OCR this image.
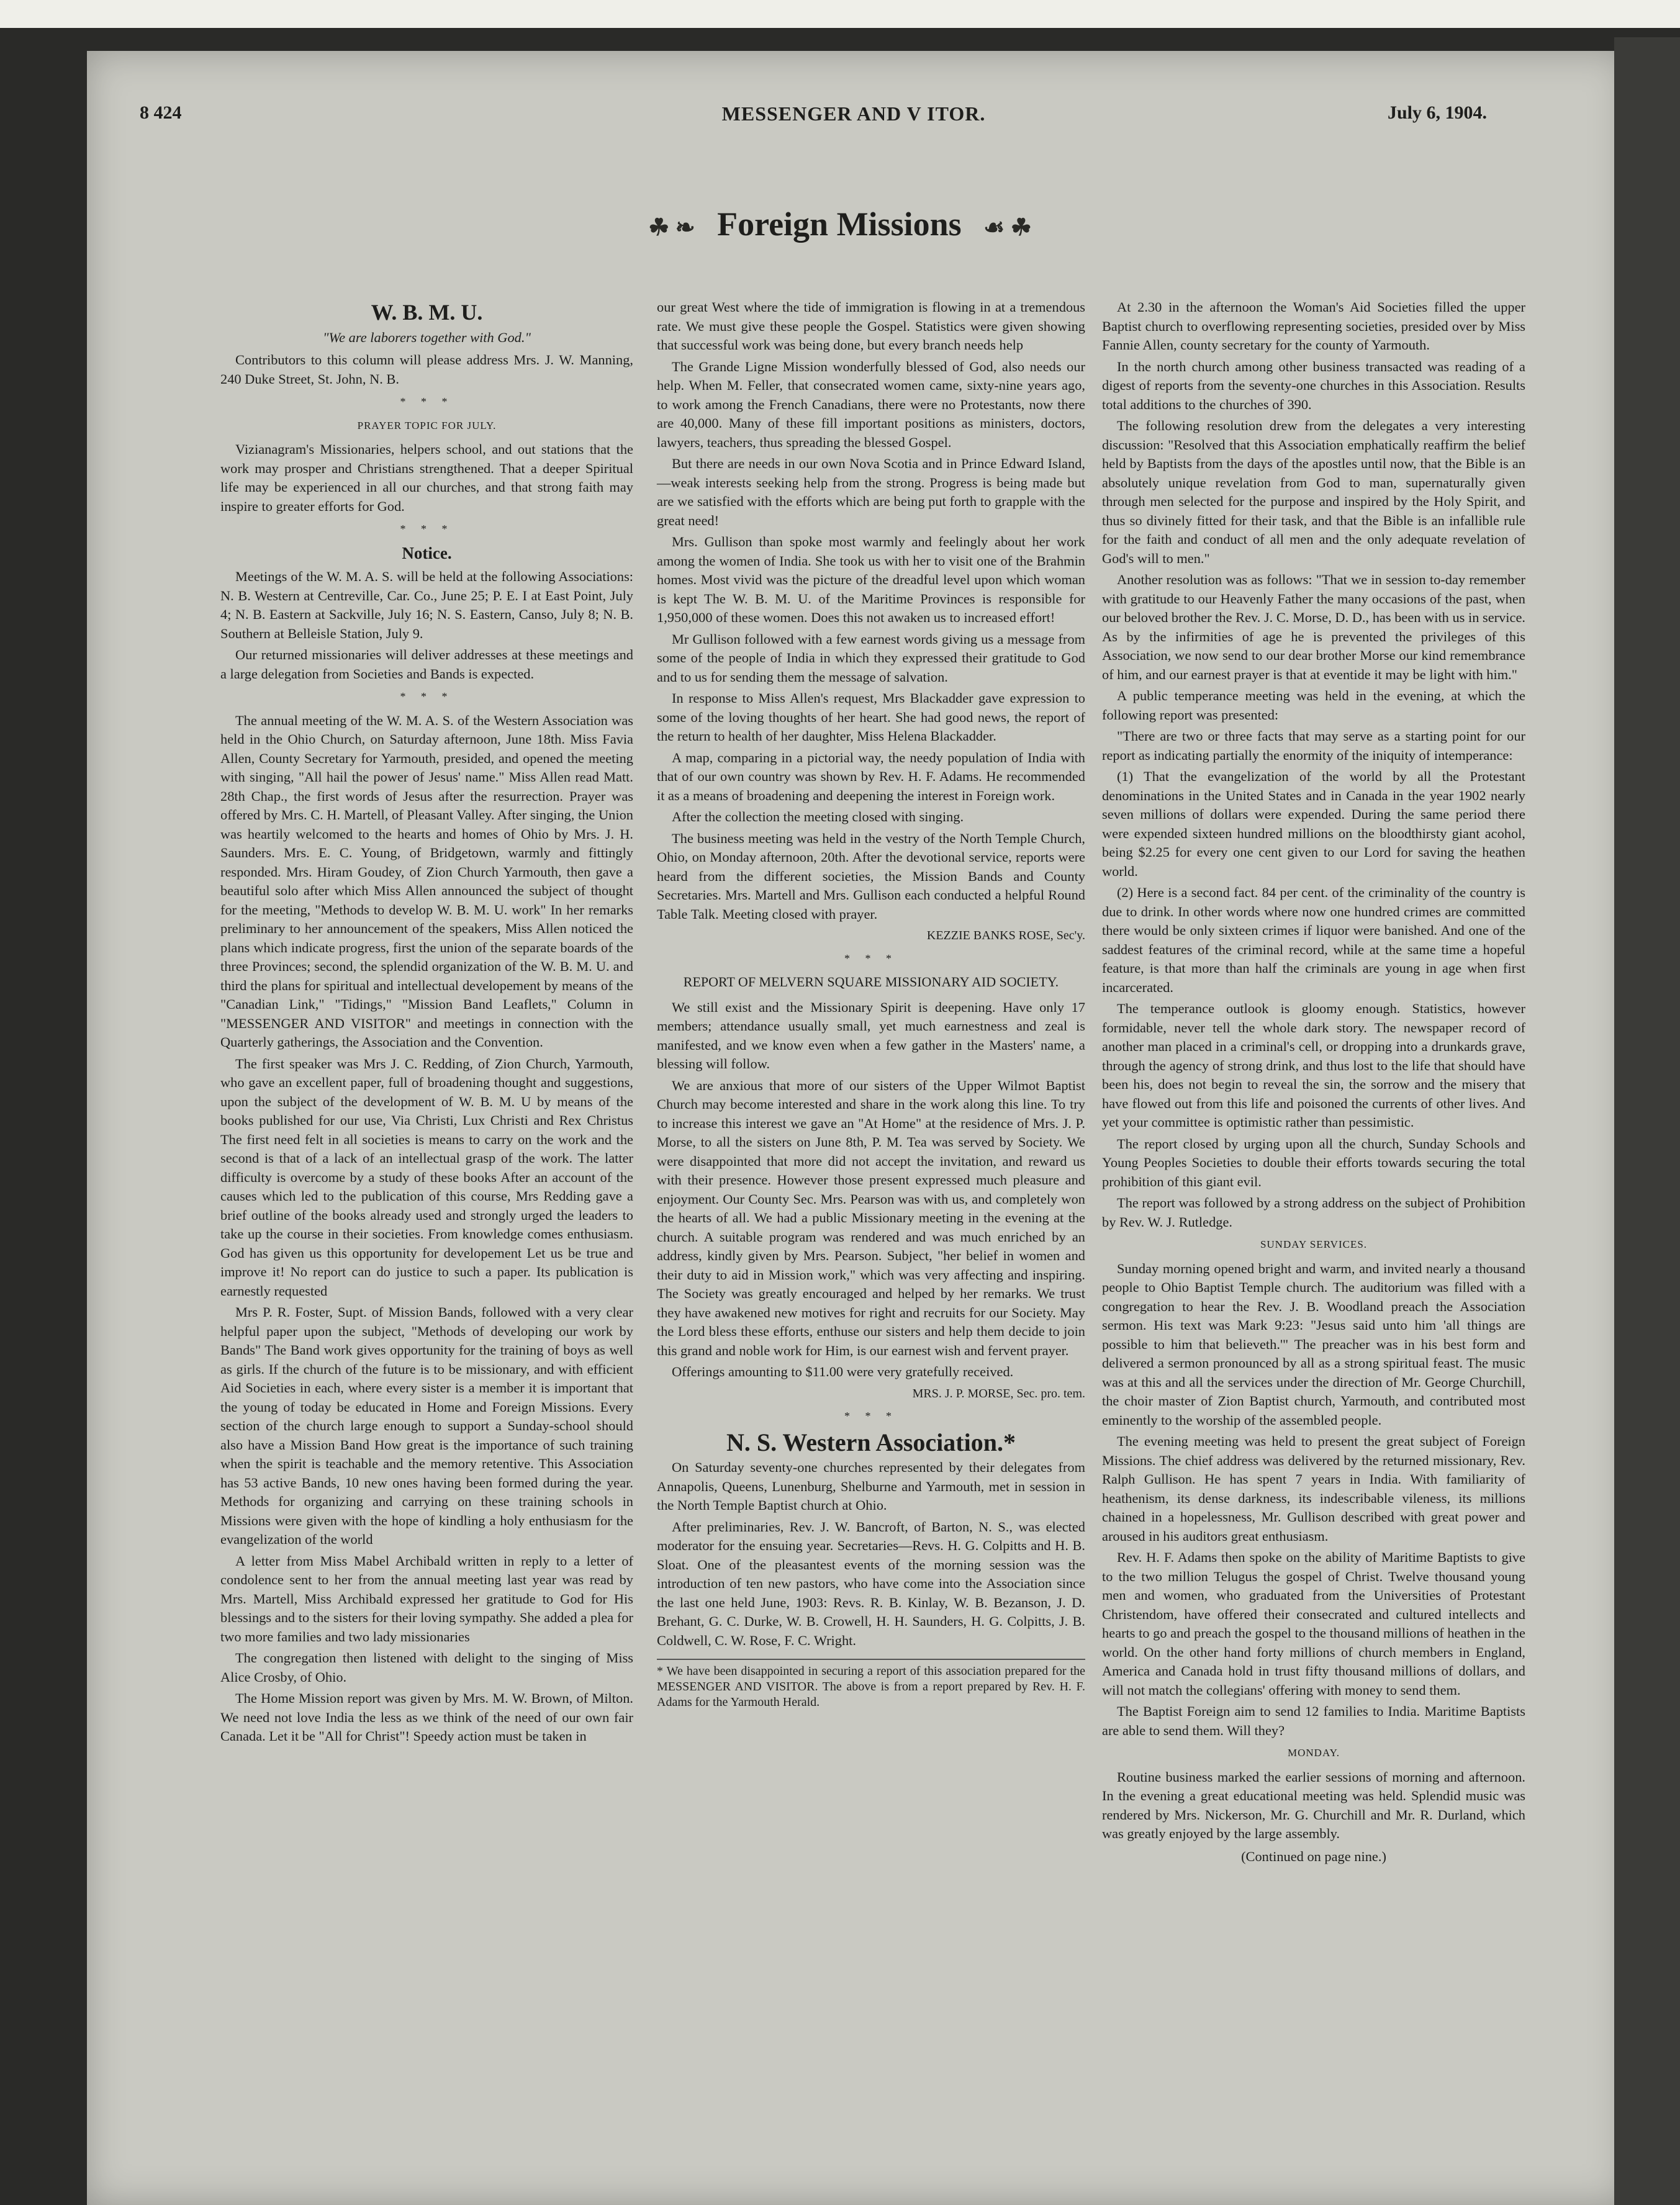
8 424	MESSENGER AND V ITOR.	July 6, 1904.
☘ ❧ Foreign Missions ☙ ☘
W. B. M. U.
"We are laborers together with God."

Contributors to this column will please address Mrs. J. W. Manning, 240 Duke Street, St. John, N. B.

* * *
PRAYER TOPIC FOR JULY.

Vizianagram's Missionaries, helpers school, and out stations that the work may prosper and Christians strengthened. That a deeper Spiritual life may be experienced in all our churches, and that strong faith may inspire to greater efforts for God.

* * *
Notice.

Meetings of the W. M. A. S. will be held at the following Associations: N. B. Western at Centreville, Car. Co., June 25; P. E. I at East Point, July 4; N. B. Eastern at Sackville, July 16; N. S. Eastern, Canso, July 8; N. B. Southern at Belleisle Station, July 9.

Our returned missionaries will deliver addresses at these meetings and a large delegation from Societies and Bands is expected.

* * *

The annual meeting of the W. M. A. S. of the Western Association was held in the Ohio Church, on Saturday afternoon, June 18th. Miss Favia Allen, County Secretary for Yarmouth, presided, and opened the meeting with singing, "All hail the power of Jesus' name." Miss Allen read Matt. 28th Chap., the first words of Jesus after the resurrection. Prayer was offered by Mrs. C. H. Martell, of Pleasant Valley. After singing, the Union was heartily welcomed to the hearts and homes of Ohio by Mrs. J. H. Saunders. Mrs. E. C. Young, of Bridgetown, warmly and fittingly responded. Mrs. Hiram Goudey, of Zion Church Yarmouth, then gave a beautiful solo after which Miss Allen announced the subject of thought for the meeting, "Methods to develop W. B. M. U. work" In her remarks preliminary to her announcement of the speakers, Miss Allen noticed the plans which indicate progress, first the union of the separate boards of the three Provinces; second, the splendid organization of the W. B. M. U. and third the plans for spiritual and intellectual developement by means of the "Canadian Link," "Tidings," "Mission Band Leaflets," Column in "MESSENGER AND VISITOR" and meetings in connection with the Quarterly gatherings, the Association and the Convention.

The first speaker was Mrs J. C. Redding, of Zion Church, Yarmouth, who gave an excellent paper, full of broadening thought and suggestions, upon the subject of the development of W. B. M. U by means of the books published for our use, Via Christi, Lux Christi and Rex Christus The first need felt in all societies is means to carry on the work and the second is that of a lack of an intellectual grasp of the work. The latter difficulty is overcome by a study of these books After an account of the causes which led to the publication of this course, Mrs Redding gave a brief outline of the books already used and strongly urged the leaders to take up the course in their societies. From knowledge comes enthusiasm. God has given us this opportunity for developement Let us be true and improve it! No report can do justice to such a paper. Its publication is earnestly requested

Mrs P. R. Foster, Supt. of Mission Bands, followed with a very clear helpful paper upon the subject, "Methods of developing our work by Bands" The Band work gives opportunity for the training of boys as well as girls. If the church of the future is to be missionary, and with efficient Aid Societies in each, where every sister is a member it is important that the young of today be educated in Home and Foreign Missions. Every section of the church large enough to support a Sunday-school should also have a Mission Band How great is the importance of such training when the spirit is teachable and the memory retentive. This Association has 53 active Bands, 10 new ones having been formed during the year. Methods for organizing and carrying on these training schools in Missions were given with the hope of kindling a holy enthusiasm for the evangelization of the world

A letter from Miss Mabel Archibald written in reply to a letter of condolence sent to her from the annual meeting last year was read by Mrs. Martell, Miss Archibald expressed her gratitude to God for His blessings and to the sisters for their loving sympathy. She added a plea for two more families and two lady missionaries

The congregation then listened with delight to the singing of Miss Alice Crosby, of Ohio.

The Home Mission report was given by Mrs. M. W. Brown, of Milton. We need not love India the less as we think of the need of our own fair Canada. Let it be "All for Christ"! Speedy action must be taken in

our great West where the tide of immigration is flowing in at a tremendous rate. We must give these people the Gospel. Statistics were given showing that successful work was being done, but every branch needs help

The Grande Ligne Mission wonderfully blessed of God, also needs our help. When M. Feller, that consecrated women came, sixty-nine years ago, to work among the French Canadians, there were no Protestants, now there are 40,000. Many of these fill important positions as ministers, doctors, lawyers, teachers, thus spreading the blessed Gospel.

But there are needs in our own Nova Scotia and in Prince Edward Island,—weak interests seeking help from the strong. Progress is being made but are we satisfied with the efforts which are being put forth to grapple with the great need!

Mrs. Gullison than spoke most warmly and feelingly about her work among the women of India. She took us with her to visit one of the Brahmin homes. Most vivid was the picture of the dreadful level upon which woman is kept The W. B. M. U. of the Maritime Provinces is responsible for 1,950,000 of these women. Does this not awaken us to increased effort!

Mr Gullison followed with a few earnest words giving us a message from some of the people of India in which they expressed their gratitude to God and to us for sending them the message of salvation.

In response to Miss Allen's request, Mrs Blackadder gave expression to some of the loving thoughts of her heart. She had good news, the report of the return to health of her daughter, Miss Helena Blackadder.

A map, comparing in a pictorial way, the needy population of India with that of our own country was shown by Rev. H. F. Adams. He recommended it as a means of broadening and deepening the interest in Foreign work.

After the collection the meeting closed with singing.

The business meeting was held in the vestry of the North Temple Church, Ohio, on Monday afternoon, 20th. After the devotional service, reports were heard from the different societies, the Mission Bands and County Secretaries. Mrs. Martell and Mrs. Gullison each conducted a helpful Round Table Talk. Meeting closed with prayer.

KEZZIE BANKS ROSE, Sec'y.
* * *
REPORT OF MELVERN SQUARE MISSIONARY AID SOCIETY.

We still exist and the Missionary Spirit is deepening. Have only 17 members; attendance usually small, yet much earnestness and zeal is manifested, and we know even when a few gather in the Masters' name, a blessing will follow.

We are anxious that more of our sisters of the Upper Wilmot Baptist Church may become interested and share in the work along this line. To try to increase this interest we gave an "At Home" at the residence of Mrs. J. P. Morse, to all the sisters on June 8th, P. M. Tea was served by Society. We were disappointed that more did not accept the invitation, and reward us with their presence. However those present expressed much pleasure and enjoyment. Our County Sec. Mrs. Pearson was with us, and completely won the hearts of all. We had a public Missionary meeting in the evening at the church. A suitable program was rendered and was much enriched by an address, kindly given by Mrs. Pearson. Subject, "her belief in women and their duty to aid in Mission work," which was very affecting and inspiring. The Society was greatly encouraged and helped by her remarks. We trust they have awakened new motives for right and recruits for our Society. May the Lord bless these efforts, enthuse our sisters and help them decide to join this grand and noble work for Him, is our earnest wish and fervent prayer.

Offerings amounting to $11.00 were very gratefully received.

MRS. J. P. MORSE, Sec. pro. tem.
* * *
N. S. Western Association.*

On Saturday seventy-one churches represented by their delegates from Annapolis, Queens, Lunenburg, Shelburne and Yarmouth, met in session in the North Temple Baptist church at Ohio.

After preliminaries, Rev. J. W. Bancroft, of Barton, N. S., was elected moderator for the ensuing year. Secretaries—Revs. H. G. Colpitts and H. B. Sloat. One of the pleasantest events of the morning session was the introduction of ten new pastors, who have come into the Association since the last one held June, 1903: Revs. R. B. Kinlay, W. B. Bezanson, J. D. Brehant, G. C. Durke, W. B. Crowell, H. H. Saunders, H. G. Colpitts, J. B. Coldwell, C. W. Rose, F. C. Wright.

* We have been disappointed in securing a report of this association prepared for the MESSENGER AND VISITOR. The above is from a report prepared by Rev. H. F. Adams for the Yarmouth Herald.

At 2.30 in the afternoon the Woman's Aid Societies filled the upper Baptist church to overflowing representing societies, presided over by Miss Fannie Allen, county secretary for the county of Yarmouth.

In the north church among other business transacted was reading of a digest of reports from the seventy-one churches in this Association. Results total additions to the churches of 390.

The following resolution drew from the delegates a very interesting discussion: "Resolved that this Association emphatically reaffirm the belief held by Baptists from the days of the apostles until now, that the Bible is an absolutely unique revelation from God to man, supernaturally given through men selected for the purpose and inspired by the Holy Spirit, and thus so divinely fitted for their task, and that the Bible is an infallible rule for the faith and conduct of all men and the only adequate revelation of God's will to men."

Another resolution was as follows: "That we in session to-day remember with gratitude to our Heavenly Father the many occasions of the past, when our beloved brother the Rev. J. C. Morse, D. D., has been with us in service. As by the infirmities of age he is prevented the privileges of this Association, we now send to our dear brother Morse our kind remembrance of him, and our earnest prayer is that at eventide it may be light with him."

A public temperance meeting was held in the evening, at which the following report was presented:

"There are two or three facts that may serve as a starting point for our report as indicating partially the enormity of the iniquity of intemperance:

(1) That the evangelization of the world by all the Protestant denominations in the United States and in Canada in the year 1902 nearly seven millions of dollars were expended. During the same period there were expended sixteen hundred millions on the bloodthirsty giant acohol, being $2.25 for every one cent given to our Lord for saving the heathen world.

(2) Here is a second fact. 84 per cent. of the criminality of the country is due to drink. In other words where now one hundred crimes are committed there would be only sixteen crimes if liquor were banished. And one of the saddest features of the criminal record, while at the same time a hopeful feature, is that more than half the criminals are young in age when first incarcerated.

The temperance outlook is gloomy enough. Statistics, however formidable, never tell the whole dark story. The newspaper record of another man placed in a criminal's cell, or dropping into a drunkards grave, through the agency of strong drink, and thus lost to the life that should have been his, does not begin to reveal the sin, the sorrow and the misery that have flowed out from this life and poisoned the currents of other lives. And yet your committee is optimistic rather than pessimistic.

The report closed by urging upon all the church, Sunday Schools and Young Peoples Societies to double their efforts towards securing the total prohibition of this giant evil.

The report was followed by a strong address on the subject of Prohibition by Rev. W. J. Rutledge.

SUNDAY SERVICES.

Sunday morning opened bright and warm, and invited nearly a thousand people to Ohio Baptist Temple church. The auditorium was filled with a congregation to hear the Rev. J. B. Woodland preach the Association sermon. His text was Mark 9:23: "Jesus said unto him 'all things are possible to him that believeth.'" The preacher was in his best form and delivered a sermon pronounced by all as a strong spiritual feast. The music was at this and all the services under the direction of Mr. George Churchill, the choir master of Zion Baptist church, Yarmouth, and contributed most eminently to the worship of the assembled people.

The evening meeting was held to present the great subject of Foreign Missions. The chief address was delivered by the returned missionary, Rev. Ralph Gullison. He has spent 7 years in India. With familiarity of heathenism, its dense darkness, its indescribable vileness, its millions chained in a hopelessness, Mr. Gullison described with great power and aroused in his auditors great enthusiasm.

Rev. H. F. Adams then spoke on the ability of Maritime Baptists to give to the two million Telugus the gospel of Christ. Twelve thousand young men and women, who graduated from the Universities of Protestant Christendom, have offered their consecrated and cultured intellects and hearts to go and preach the gospel to the thousand millions of heathen in the world. On the other hand forty millions of church members in England, America and Canada hold in trust fifty thousand millions of dollars, and will not match the collegians' offering with money to send them.

The Baptist Foreign aim to send 12 families to India. Maritime Baptists are able to send them. Will they?

MONDAY.

Routine business marked the earlier sessions of morning and afternoon. In the evening a great educational meeting was held. Splendid music was rendered by Mrs. Nickerson, Mr. G. Churchill and Mr. R. Durland, which was greatly enjoyed by the large assembly.

(Continued on page nine.)
